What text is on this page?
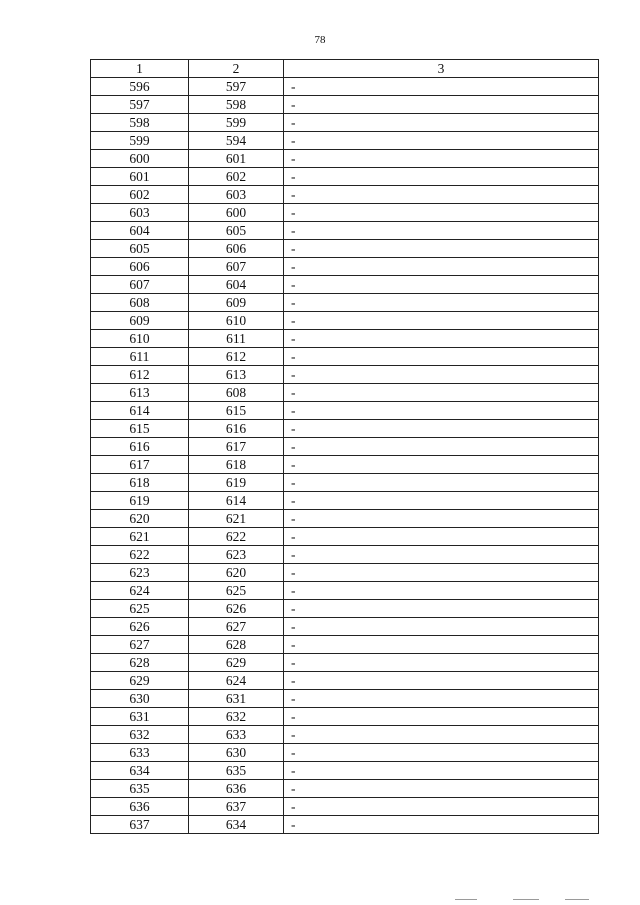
78
1	2	3
596	597	-
597	598	-
598	599	-
599	594	-
600	601	-
601	602	-
602	603	-
603	600	-
604	605	-
605	606	-
606	607	-
607	604	-
608	609	-
609	610	-
610	611	-
611	612	-
612	613	-
613	608	-
614	615	-
615	616	-
616	617	-
617	618	-
618	619	-
619	614	-
620	621	-
621	622	-
622	623	-
623	620	-
624	625	-
625	626	-
626	627	-
627	628	-
628	629	-
629	624	-
630	631	-
631	632	-
632	633	-
633	630	-
634	635	-
635	636	-
636	637	-
637	634	-
